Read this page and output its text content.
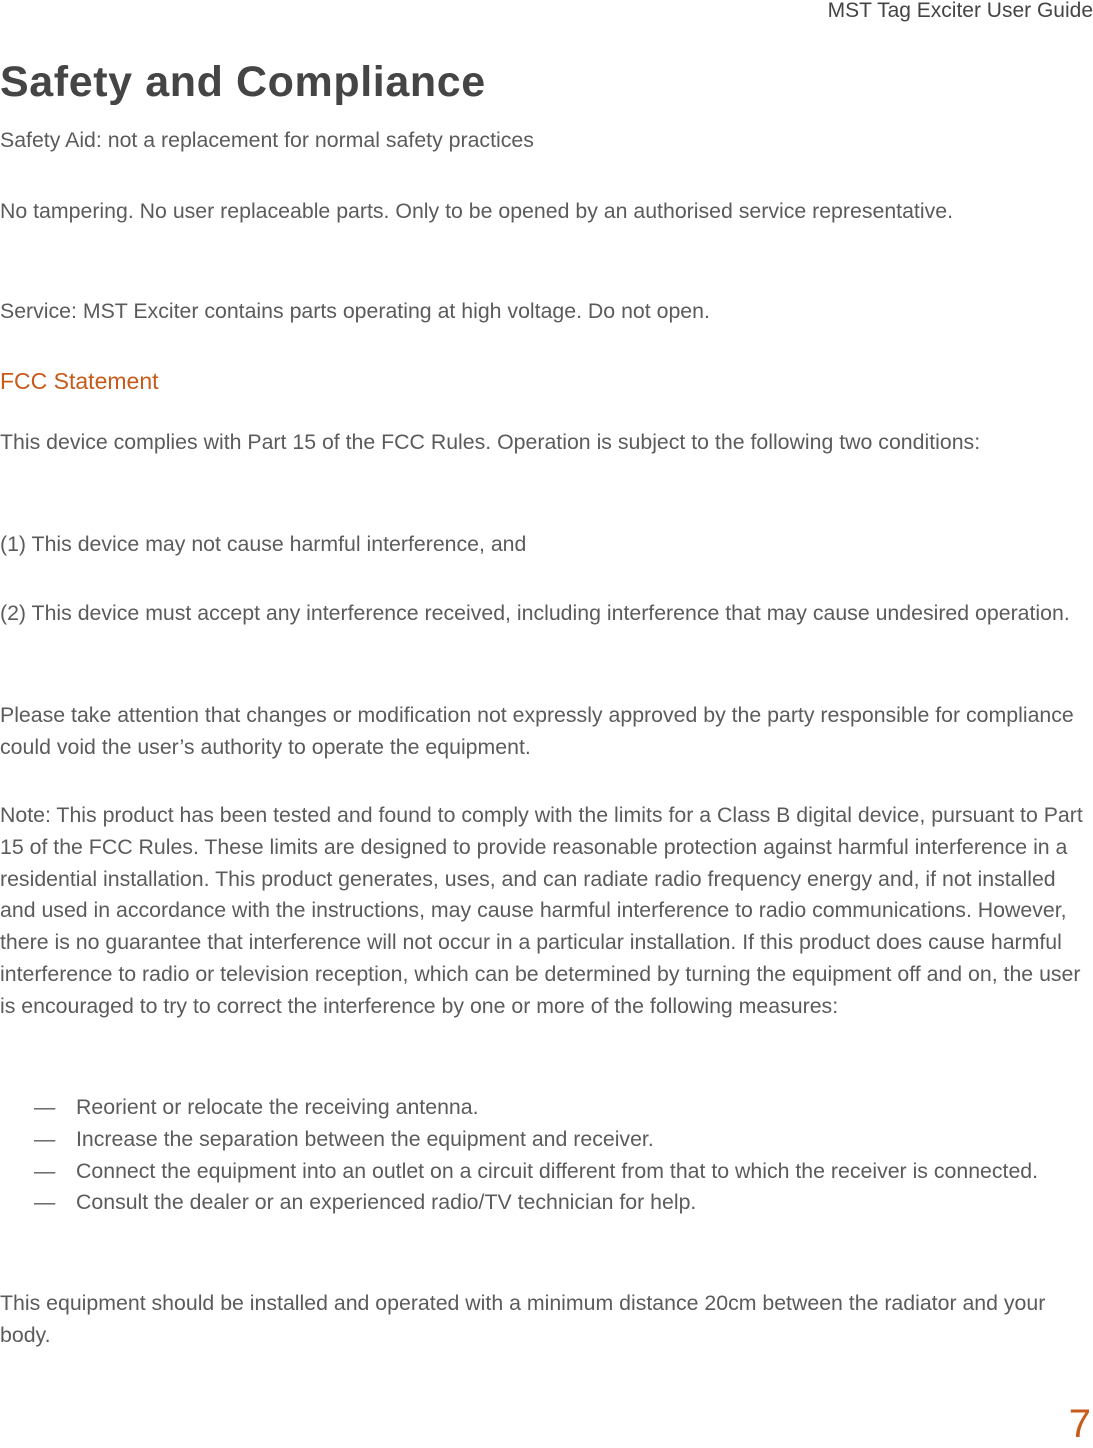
MST Tag Exciter User Guide
Safety and Compliance

Safety Aid: not a replacement for normal safety practices

No tampering. No user replaceable parts. Only to be opened by an authorised service representative.

Service: MST Exciter contains parts operating at high voltage. Do not open.

FCC Statement

This device complies with Part 15 of the FCC Rules. Operation is subject to the following two conditions:

(1) This device may not cause harmful interference, and

(2) This device must accept any interference received, including interference that may cause undesired operation.

Please take attention that changes or modification not expressly approved by the party responsible for compliance could void the user’s authority to operate the equipment.

Note: This product has been tested and found to comply with the limits for a Class B digital device, pursuant to Part 15 of the FCC Rules. These limits are designed to provide reasonable protection against harmful interference in a residential installation. This product generates, uses, and can radiate radio frequency energy and, if not installed and used in accordance with the instructions, may cause harmful interference to radio communications. However, there is no guarantee that interference will not occur in a particular installation. If this product does cause harmful interference to radio or television reception, which can be determined by turning the equipment off and on, the user is encouraged to try to correct the interference by one or more of the following measures:

— Reorient or relocate the receiving antenna.
— Increase the separation between the equipment and receiver.
— Connect the equipment into an outlet on a circuit different from that to which the receiver is connected.
— Consult the dealer or an experienced radio/TV technician for help.

This equipment should be installed and operated with a minimum distance 20cm between the radiator and your body.

7
